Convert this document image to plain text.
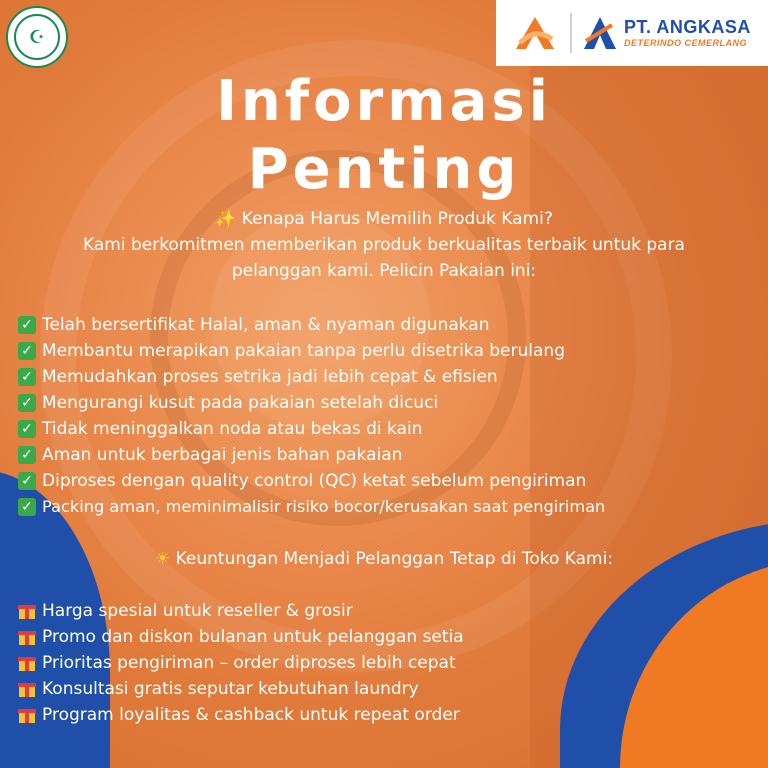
☪	PT. ANGKASA
DETERINDO CEMERLANG
Informasi
Penting
✨ Kenapa Harus Memilih Produk Kami?
Kami berkomitmen memberikan produk berkualitas terbaik untuk para
pelanggan kami. Pelicin Pakaian ini:
✓ Telah bersertifikat Halal, aman & nyaman digunakan
✓ Membantu merapikan pakaian tanpa perlu disetrika berulang
✓ Memudahkan proses setrika jadi lebih cepat & efisien
✓ Mengurangi kusut pada pakaian setelah dicuci
✓ Tidak meninggalkan noda atau bekas di kain
✓ Aman untuk berbagai jenis bahan pakaian
✓ Diproses dengan quality control (QC) ketat sebelum pengiriman
✓ Packing aman, meminimalisir risiko bocor/kerusakan saat pengiriman
☀ Keuntungan Menjadi Pelanggan Tetap di Toko Kami:
Harga spesial untuk reseller & grosir
Promo dan diskon bulanan untuk pelanggan setia
Prioritas pengiriman – order diproses lebih cepat
Konsultasi gratis seputar kebutuhan laundry
Program loyalitas & cashback untuk repeat order
